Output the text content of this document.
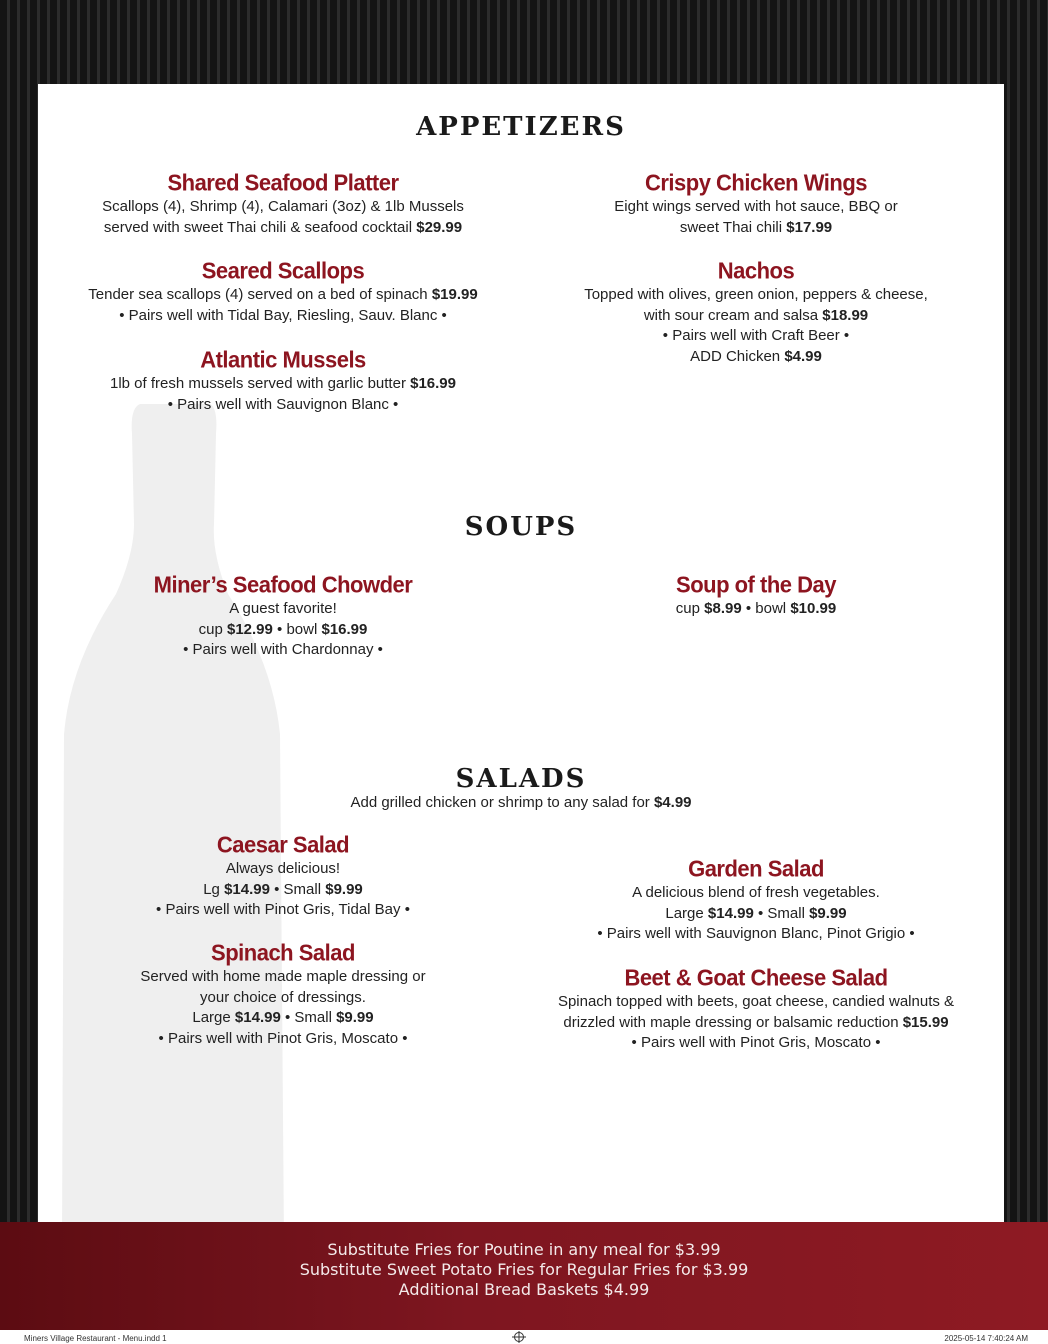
APPETIZERS
Shared Seafood Platter
Scallops (4), Shrimp (4), Calamari (3oz) & 1lb Mussels
served with sweet Thai chili & seafood cocktail $29.99
Crispy Chicken Wings
Eight wings served with hot sauce, BBQ or
sweet Thai chili $17.99
Seared Scallops
Tender sea scallops (4) served on a bed of spinach $19.99
• Pairs well with Tidal Bay, Riesling, Sauv. Blanc •
Nachos
Topped with olives, green onion, peppers & cheese,
with sour cream and salsa $18.99
• Pairs well with Craft Beer •
ADD Chicken $4.99
Atlantic Mussels
1lb of fresh mussels served with garlic butter $16.99
• Pairs well with Sauvignon Blanc •
SOUPS
Miner’s Seafood Chowder
A guest favorite!
cup $12.99 • bowl $16.99
• Pairs well with Chardonnay •
Soup of the Day
cup $8.99 • bowl $10.99
SALADS
Add grilled chicken or shrimp to any salad for $4.99
Caesar Salad
Always delicious!
Lg $14.99 • Small $9.99
• Pairs well with Pinot Gris, Tidal Bay •
Spinach Salad
Served with home made maple dressing or
your choice of dressings.
Large $14.99 • Small $9.99
• Pairs well with Pinot Gris, Moscato •
Garden Salad
A delicious blend of fresh vegetables.
Large $14.99 • Small $9.99
• Pairs well with Sauvignon Blanc, Pinot Grigio •
Beet & Goat Cheese Salad
Spinach topped with beets, goat cheese, candied walnuts &
drizzled with maple dressing or balsamic reduction $15.99
• Pairs well with Pinot Gris, Moscato •
Substitute Fries for Poutine in any meal for $3.99
Substitute Sweet Potato Fries for Regular Fries for $3.99
Additional Bread Baskets $4.99
Miners Village Restaurant - Menu.indd 1	2025-05-14 7:40:24 AM
